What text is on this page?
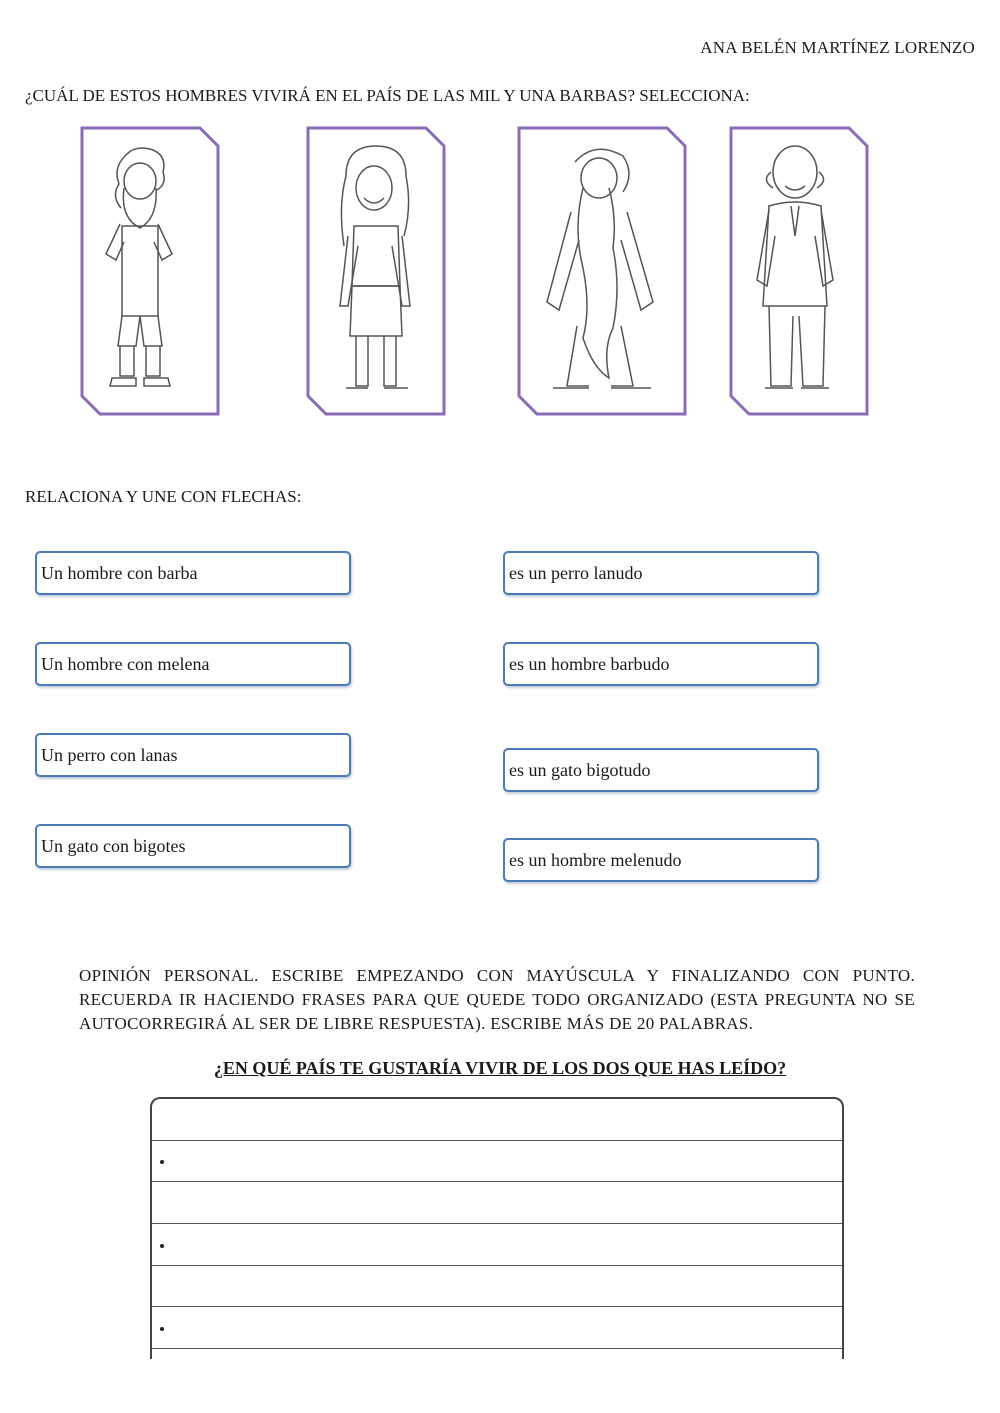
ANA BELÉN MARTÍNEZ LORENZO
¿CUÁL DE ESTOS HOMBRES VIVIRÁ EN EL PAÍS DE LAS MIL Y UNA BARBAS? SELECCIONA:
RELACIONA Y UNE CON FLECHAS:
Un hombre con barba
Un hombre con melena
Un perro con lanas
Un gato con bigotes
es un perro lanudo
es un hombre barbudo
es un gato bigotudo
es un hombre melenudo
OPINIÓN PERSONAL. ESCRIBE EMPEZANDO CON MAYÚSCULA Y FINALIZANDO CON PUNTO. RECUERDA IR HACIENDO FRASES PARA QUE QUEDE TODO ORGANIZADO (ESTA PREGUNTA NO SE AUTOCORREGIRÁ AL SER DE LIBRE RESPUESTA). ESCRIBE MÁS DE 20 PALABRAS.
¿EN QUÉ PAÍS TE GUSTARÍA VIVIR DE LOS DOS QUE HAS LEÍDO?
